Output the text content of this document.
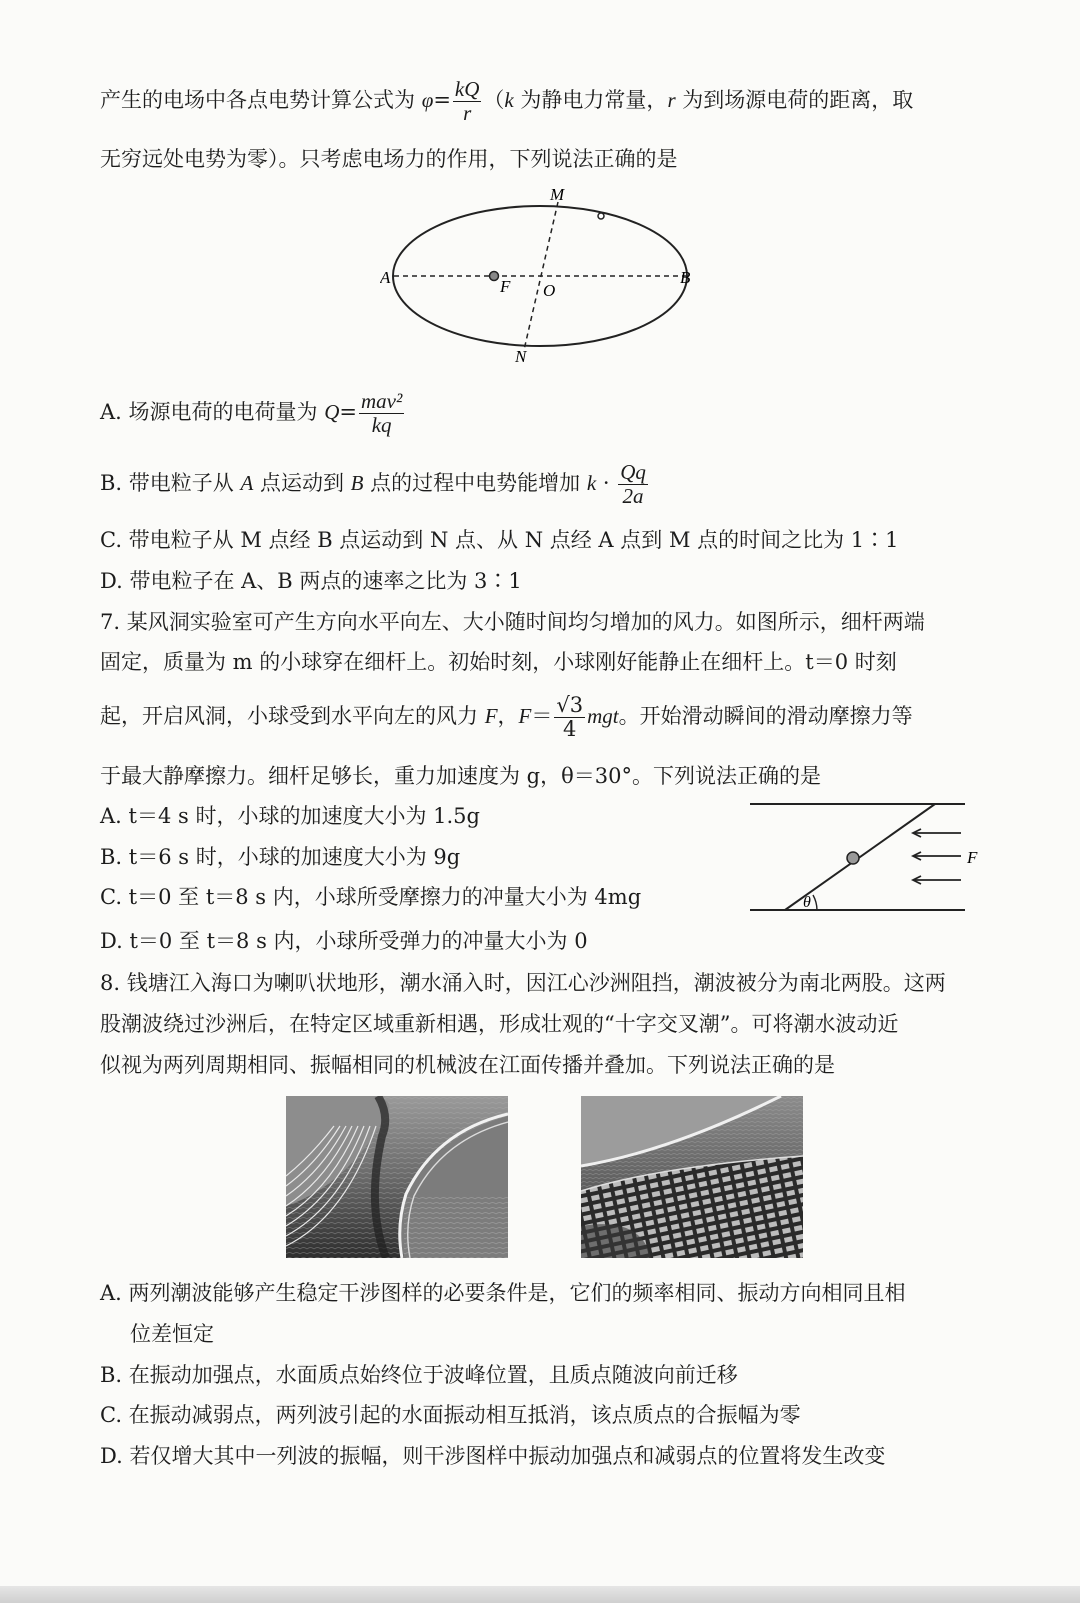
产生的电场中各点电势计算公式为 $\varphi= \frac{kQ}{r} (k$ 为静电力常量，r 为到场源电荷的距离，取
无穷远处电势为零）。只考虑电场力的作用，下列说法正确的是
M
A	F O
B
N
A. 场源电荷的电荷量为 $Q= \frac{\text{mav²}}{kq}$
B. 带电粒子从 A 点运动到 B 点的过程中电势能增加 $k \cdot \frac{Qq}{2a}$
C. 带电粒子从 M 点经 B 点运动到 N 点、从 N 点经 A 点到 M 点的时间之比为 1∶1
D. 带电粒子在 A、B 两点的速率之比为 3∶1
7. 某风洞实验室可产生方向水平向左、大小随时间均匀增加的风力。如图所示，细杆两端
固定，质量为 m 的小球穿在细杆上。初始时刻，小球刚好能静止在细杆上。t＝0 时刻
起，开启风洞，小球受到水平向左的风力 F，$F= \frac{√3}{4}$ mgt。开始滑动瞬间的滑动摩擦力等
于最大静摩擦力。细杆足够长，重力加速度为 g，θ＝30°。下列说法正确的是
A. t＝4 s 时，小球的加速度大小为 1.5g
B. t＝6 s 时，小球的加速度大小为 9g
C. t＝0 至 t＝8 s 内，小球所受摩擦力的冲量大小为 4mg
D. t＝0 至 t＝8 s 内，小球所受弹力的冲量大小为 0
F
θ
8. 钱塘江入海口为喇叭状地形，潮水涌入时，因江心沙洲阻挡，潮波被分为南北两股。这两
股潮波绕过沙洲后，在特定区域重新相遇，形成壮观的“十字交叉潮”。可将潮水波动近
似视为两列周期相同、振幅相同的机械波在江面传播并叠加。下列说法正确的是
A. 两列潮波能够产生稳定干涉图样的必要条件是，它们的频率相同、振动方向相同且相
位差恒定
B. 在振动加强点，水面质点始终位于波峰位置，且质点随波向前迁移
C. 在振动减弱点，两列波引起的水面振动相互抵消，该点质点的合振幅为零
D. 若仅增大其中一列波的振幅，则干涉图样中振动加强点和减弱点的位置将发生改变
